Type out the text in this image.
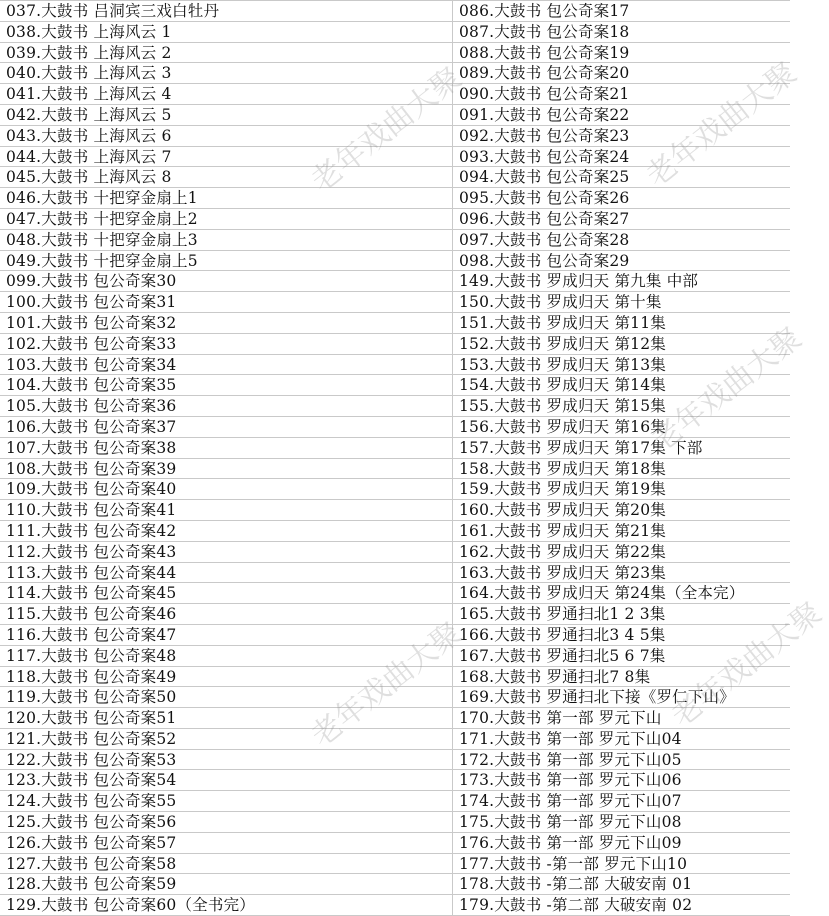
037.大鼓书 吕洞宾三戏白牡丹
038.大鼓书 上海风云 1
039.大鼓书 上海风云 2
040.大鼓书 上海风云 3
041.大鼓书 上海风云 4
042.大鼓书 上海风云 5
043.大鼓书 上海风云 6
044.大鼓书 上海风云 7
045.大鼓书 上海风云 8
046.大鼓书 十把穿金扇上1
047.大鼓书 十把穿金扇上2
048.大鼓书 十把穿金扇上3
049.大鼓书 十把穿金扇上5
099.大鼓书 包公奇案30
100.大鼓书 包公奇案31
101.大鼓书 包公奇案32
102.大鼓书 包公奇案33
103.大鼓书 包公奇案34
104.大鼓书 包公奇案35
105.大鼓书 包公奇案36
106.大鼓书 包公奇案37
107.大鼓书 包公奇案38
108.大鼓书 包公奇案39
109.大鼓书 包公奇案40
110.大鼓书 包公奇案41
111.大鼓书 包公奇案42
112.大鼓书 包公奇案43
113.大鼓书 包公奇案44
114.大鼓书 包公奇案45
115.大鼓书 包公奇案46
116.大鼓书 包公奇案47
117.大鼓书 包公奇案48
118.大鼓书 包公奇案49
119.大鼓书 包公奇案50
120.大鼓书 包公奇案51
121.大鼓书 包公奇案52
122.大鼓书 包公奇案53
123.大鼓书 包公奇案54
124.大鼓书 包公奇案55
125.大鼓书 包公奇案56
126.大鼓书 包公奇案57
127.大鼓书 包公奇案58
128.大鼓书 包公奇案59
129.大鼓书 包公奇案60（全书完）
086.大鼓书 包公奇案17
087.大鼓书 包公奇案18
088.大鼓书 包公奇案19
089.大鼓书 包公奇案20
090.大鼓书 包公奇案21
091.大鼓书 包公奇案22
092.大鼓书 包公奇案23
093.大鼓书 包公奇案24
094.大鼓书 包公奇案25
095.大鼓书 包公奇案26
096.大鼓书 包公奇案27
097.大鼓书 包公奇案28
098.大鼓书 包公奇案29
149.大鼓书 罗成归天 第九集 中部
150.大鼓书 罗成归天 第十集
151.大鼓书 罗成归天 第11集
152.大鼓书 罗成归天 第12集
153.大鼓书 罗成归天 第13集
154.大鼓书 罗成归天 第14集
155.大鼓书 罗成归天 第15集
156.大鼓书 罗成归天 第16集
157.大鼓书 罗成归天 第17集 下部
158.大鼓书 罗成归天 第18集
159.大鼓书 罗成归天 第19集
160.大鼓书 罗成归天 第20集
161.大鼓书 罗成归天 第21集
162.大鼓书 罗成归天 第22集
163.大鼓书 罗成归天 第23集
164.大鼓书 罗成归天 第24集（全本完）
165.大鼓书 罗通扫北1 2 3集
166.大鼓书 罗通扫北3 4 5集
167.大鼓书 罗通扫北5 6 7集
168.大鼓书 罗通扫北7 8集
169.大鼓书 罗通扫北下接《罗仁下山》
170.大鼓书 第一部 罗元下山
171.大鼓书 第一部 罗元下山04
172.大鼓书 第一部 罗元下山05
173.大鼓书 第一部 罗元下山06
174.大鼓书 第一部 罗元下山07
175.大鼓书 第一部 罗元下山08
176.大鼓书 第一部 罗元下山09
177.大鼓书 -第一部 罗元下山10
178.大鼓书 -第二部 大破安南 01
179.大鼓书 -第二部 大破安南 02
老年戏曲大聚	老年戏曲大聚
老年戏曲大聚
老年戏曲大聚
老年戏曲大聚
